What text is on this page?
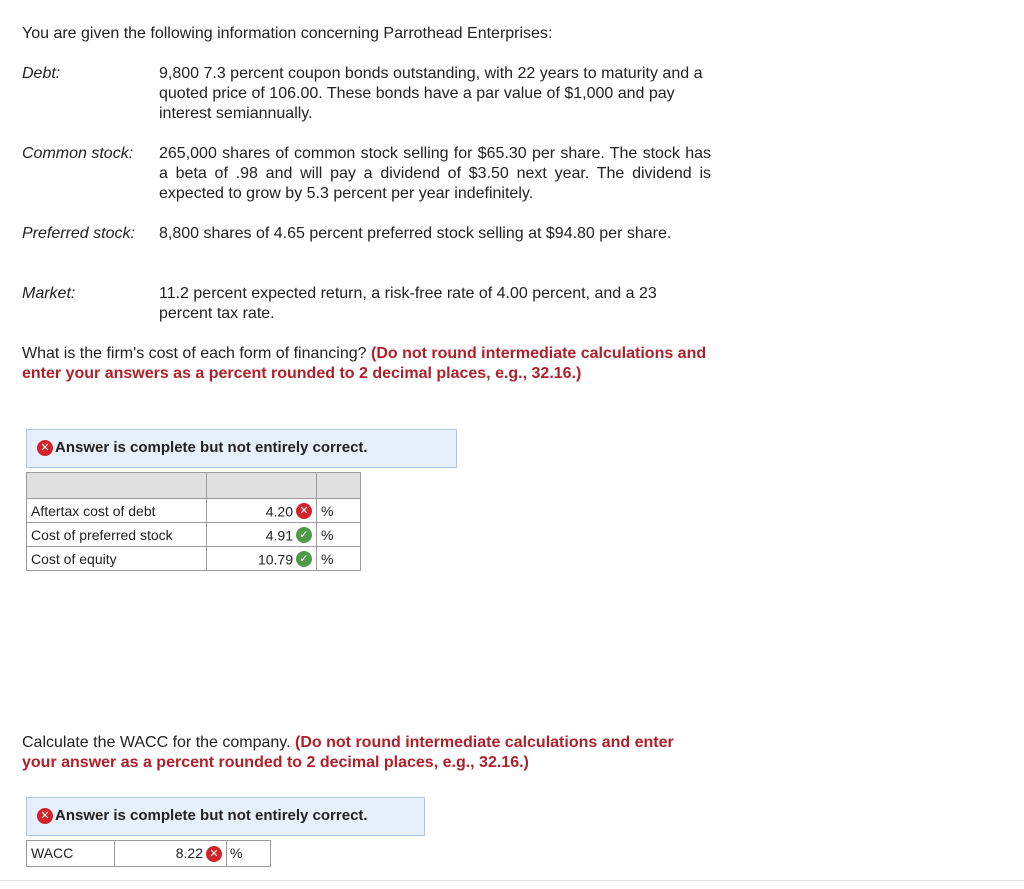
You are given the following information concerning Parrothead Enterprises:
Debt:	9,800 7.3 percent coupon bonds outstanding, with 22 years to maturity and a quoted price of 106.00. These bonds have a par value of $1,000 and pay interest semiannually.
Common stock: 265,000 shares of common stock selling for $65.30 per share. The stock has a beta of .98 and will pay a dividend of $3.50 next year. The dividend is expected to grow by 5.3 percent per year indefinitely.
Preferred stock: 8,800 shares of 4.65 percent preferred stock selling at $94.80 per share.
Market:	11.2 percent expected return, a risk-free rate of 4.00 percent, and a 23 percent tax rate.
What is the firm's cost of each form of financing? (Do not round intermediate calculations and enter your answers as a percent rounded to 2 decimal places, e.g., 32.16.)
✕ Answer is complete but not entirely correct.

Aftertax cost of debt	4.20 ✕	%
Cost of preferred stock	4.91 ✓	%
Cost of equity	10.79 ✓	%
Calculate the WACC for the company. (Do not round intermediate calculations and enter your answer as a percent rounded to 2 decimal places, e.g., 32.16.)
✕ Answer is complete but not entirely correct.
WACC	8.22 ✕ %
